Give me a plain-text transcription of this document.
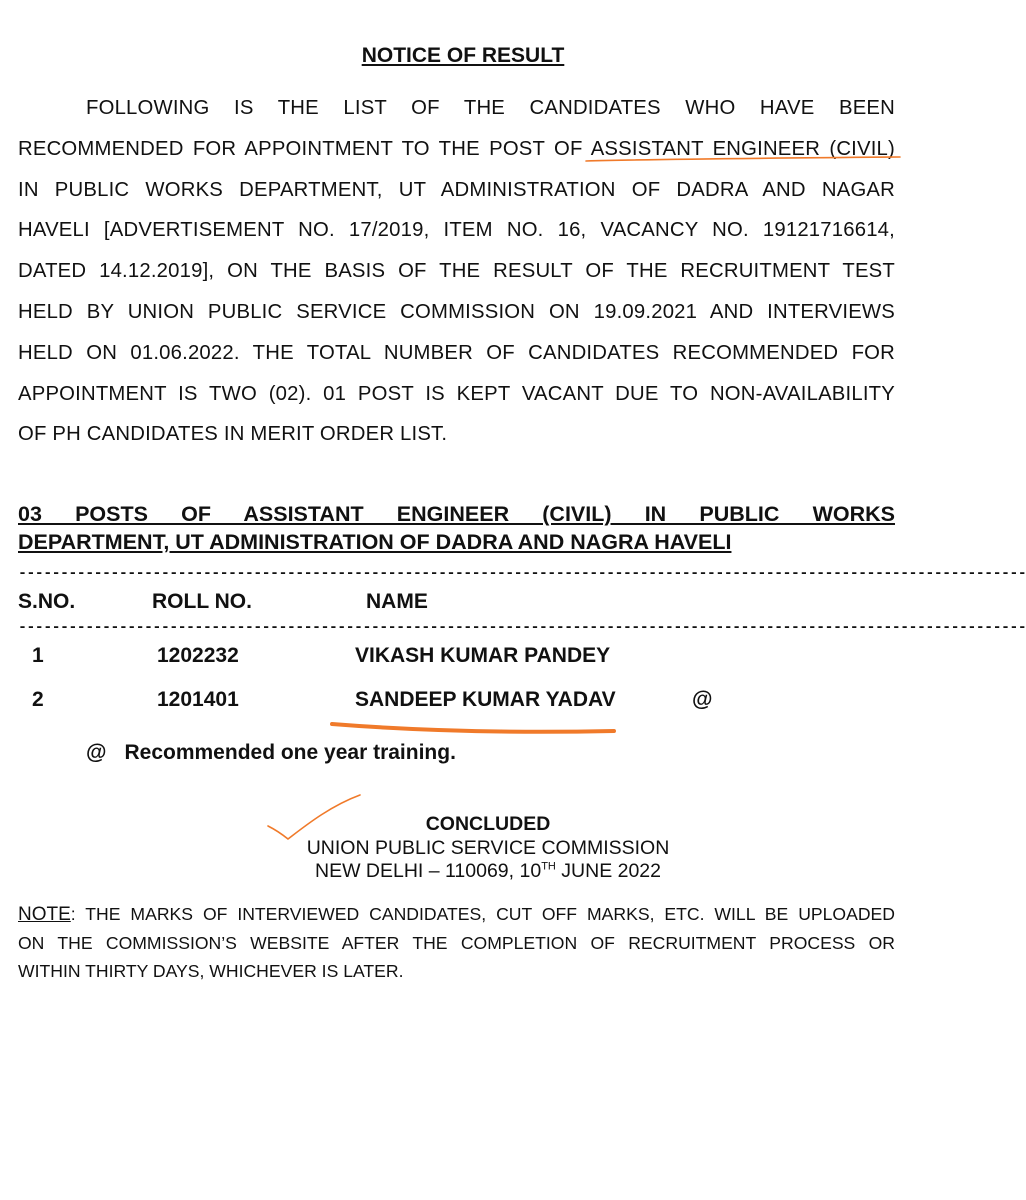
NOTICE OF RESULT
FOLLOWING IS THE LIST OF THE CANDIDATES WHO HAVE BEEN
RECOMMENDED FOR APPOINTMENT TO THE POST OF ASSISTANT ENGINEER (CIVIL)
IN PUBLIC WORKS DEPARTMENT, UT ADMINISTRATION OF DADRA AND NAGAR
HAVELI [ADVERTISEMENT NO. 17/2019, ITEM NO. 16, VACANCY NO. 19121716614,
DATED 14.12.2019], ON THE BASIS OF THE RESULT OF THE RECRUITMENT TEST
HELD BY UNION PUBLIC SERVICE COMMISSION ON 19.09.2021 AND INTERVIEWS
HELD ON 01.06.2022. THE TOTAL NUMBER OF CANDIDATES RECOMMENDED FOR
APPOINTMENT IS TWO (02). 01 POST IS KEPT VACANT DUE TO NON-AVAILABILITY
OF PH CANDIDATES IN MERIT ORDER LIST.
03 POSTS OF ASSISTANT ENGINEER (CIVIL) IN PUBLIC WORKS
DEPARTMENT, UT ADMINISTRATION OF DADRA AND NAGRA HAVELI
------------------------------------------------------------------------------------------------------------------------
S.NO.	ROLL NO.	NAME
------------------------------------------------------------------------------------------------------------------------
1	1202232	VIKASH KUMAR PANDEY
2	1201401	SANDEEP KUMAR YADAV	@
@ Recommended one year training.
CONCLUDED
UNION PUBLIC SERVICE COMMISSION
NEW DELHI – 110069, 10TH JUNE 2022
NOTE: THE MARKS OF INTERVIEWED CANDIDATES, CUT OFF MARKS, ETC. WILL BE UPLOADED
ON THE COMMISSION’S WEBSITE AFTER THE COMPLETION OF RECRUITMENT PROCESS OR
WITHIN THIRTY DAYS, WHICHEVER IS LATER.
